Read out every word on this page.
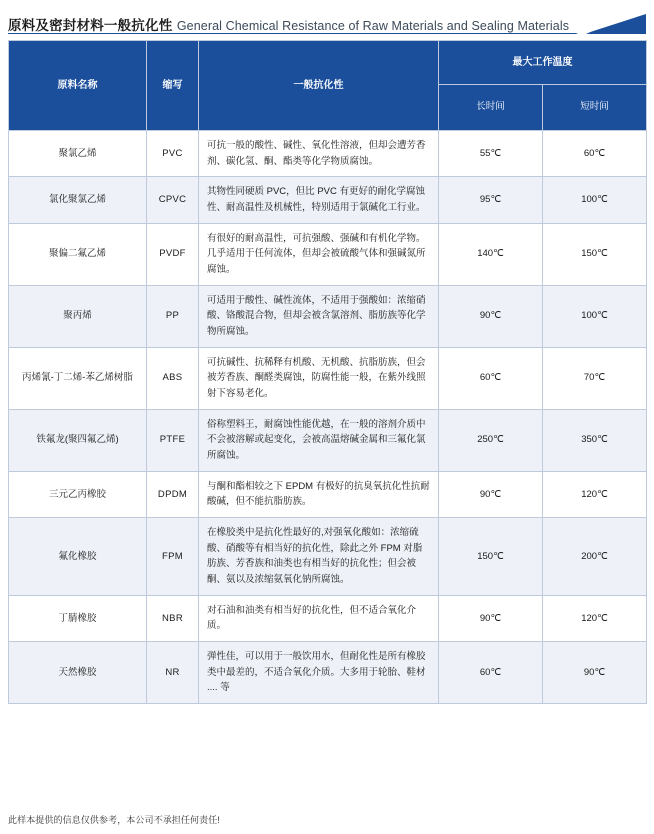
原料及密封材料一般抗化性 General Chemical Resistance of Raw Materials and Sealing Materials
原料名称	缩写	一般抗化性	最大工作温度	
			长时间	短时间
聚氯乙烯	PVC	可抗一般的酸性、碱性、氧化性溶液，但却会遭芳香剂、碳化氢、酮、酯类等化学物质腐蚀。	55℃	60℃
氯化聚氯乙烯	CPVC	其物性同硬质 PVC，但比 PVC 有更好的耐化学腐蚀性、耐高温性及机械性，特别适用于氯碱化工行业。	95℃	100℃
聚偏二氟乙烯	PVDF	有很好的耐高温性，可抗强酸、强碱和有机化学物。几乎适用于任何流体，但却会被硫酸气体和强碱氮所腐蚀。	140℃	150℃
聚丙烯	PP	可适用于酸性、碱性流体，不适用于强酸如：浓缩硝酸、铬酸混合物，但却会被含氯溶剂、脂肪族等化学物所腐蚀。	90℃	100℃
丙烯氰-丁二烯-苯乙烯树脂	ABS	可抗碱性、抗稀释有机酸、无机酸、抗脂肪族，但会被芳香族、酮醛类腐蚀，防腐性能一般，在紫外线照射下容易老化。	60℃	70℃
铁氟龙(聚四氟乙烯)	PTFE	俗称塑料王，耐腐蚀性能优越，在一般的溶剂介质中不会被溶解或起变化，会被高温熔碱金属和三氟化氯所腐蚀。	250℃	350℃
三元乙丙橡胶	DPDM	与酮和酯相较之下 EPDM 有极好的抗臭氧抗化性抗耐酸碱，但不能抗脂肪族。	90℃	120℃
氟化橡胶	FPM	在橡胶类中是抗化性最好的,对强氧化酸如：浓缩硫酸、硝酸等有相当好的抗化性，除此之外 FPM 对脂肪族、芳香族和油类也有相当好的抗化性；但会被酮、氨以及浓缩氨氧化钠所腐蚀。	150℃	200℃
丁腈橡胶	NBR	对石油和油类有相当好的抗化性，但不适合氧化介质。	90℃	120℃
天然橡胶	NR	弹性佳，可以用于一般饮用水，但耐化性是所有橡胶类中最差的，不适合氧化介质。大多用于轮胎、鞋材 .... 等	60℃	90℃
此样本提供的信息仅供参考，本公司不承担任何责任!
